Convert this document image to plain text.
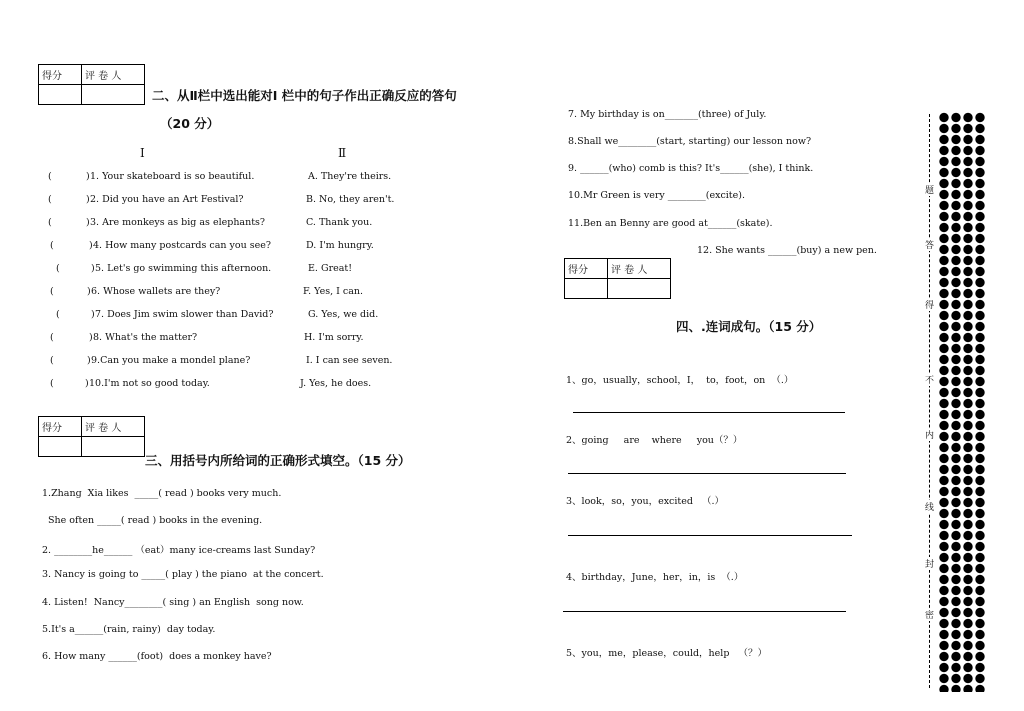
得分	评 卷 人

二、从Ⅱ栏中选出能对Ⅰ 栏中的句子作出正确反应的答句
（20 分）
Ⅰ	Ⅱ
(	) 1. Your skateboard is so beautiful.	A. They're theirs.
(	) 2. Did you have an Art Festival?	B. No, they aren't.
(	) 3. Are monkeys as big as elephants?	C. Thank you.
(	) 4. How many postcards can you see?	D. I'm hungry.
(	) 5. Let's go swimming this afternoon.	E. Great!
(	) 6. Whose wallets are they?	F. Yes, I can.
(	) 7. Does Jim swim slower than David?	G. Yes, we did.
(	) 8. What's the matter?	H. I'm sorry.
(	) 9.Can you make a mondel plane?	I. I can see seven.
(	) 10.I'm not so good today.	J. Yes, he does.
得分	评 卷 人

三、用括号内所给词的正确形式填空。（15 分）
1.Zhang  Xia likes  _____( read ) books very much.
She often _____( read ) books in the evening.
2. ________he______ （eat）many ice-creams last Sunday?
3. Nancy is going to _____( play ) the piano  at the concert.
4. Listen!  Nancy________( sing ) an English  song now.
5.It's a______(rain, rainy)  day today.
6. How many ______(foot)  does a monkey have?
7. My birthday is on_______(three) of July.
8.Shall we________(start, starting) our lesson now?
9. ______(who) comb is this? It's______(she), I think.
10.Mr Green is very ________(excite).
11.Ben an Benny are good at______(skate).
12. She wants ______(buy) a new pen.
得分	评 卷 人

四、.连词成句。（15 分）
1、go，usually，school，I，  to，foot，on  （.）
2、going     are    where     you（？）
3、look，so，you，excited   （.）
4、birthday，June，her，in，is  （.）
5、you，me，please，could，help   （？）
密
封
线
内
不
得
答
题
